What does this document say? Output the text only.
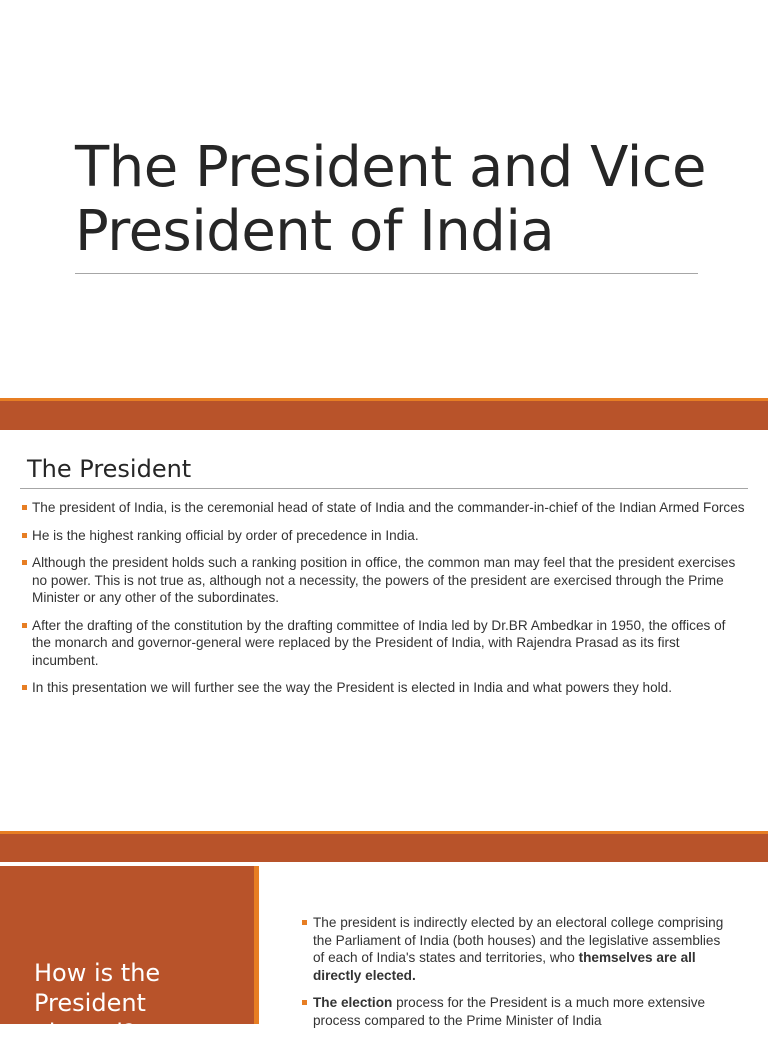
The President and Vice President of India
The President
The president of India, is the ceremonial head of state of India and the commander-in-chief of the Indian Armed Forces
He is the highest ranking official by order of precedence in India.
Although the president holds such a ranking position in office, the common man may feel that the president exercises no power. This is not true as, although not a necessity, the powers of the president are exercised through the Prime Minister or any other of the subordinates.
After the drafting of the constitution by the drafting committee of India led by Dr.BR Ambedkar in 1950, the offices of the monarch and governor-general were replaced by the President of India, with Rajendra Prasad as its first incumbent.
In this presentation we will further see the way the President is elected in India and what powers they hold.
How is the President elected?
The president is indirectly elected by an electoral college comprising the Parliament of India (both houses) and the legislative assemblies of each of India's states and territories, who themselves are all directly elected.
The election process for the President is a much more extensive process compared to the Prime Minister of India
